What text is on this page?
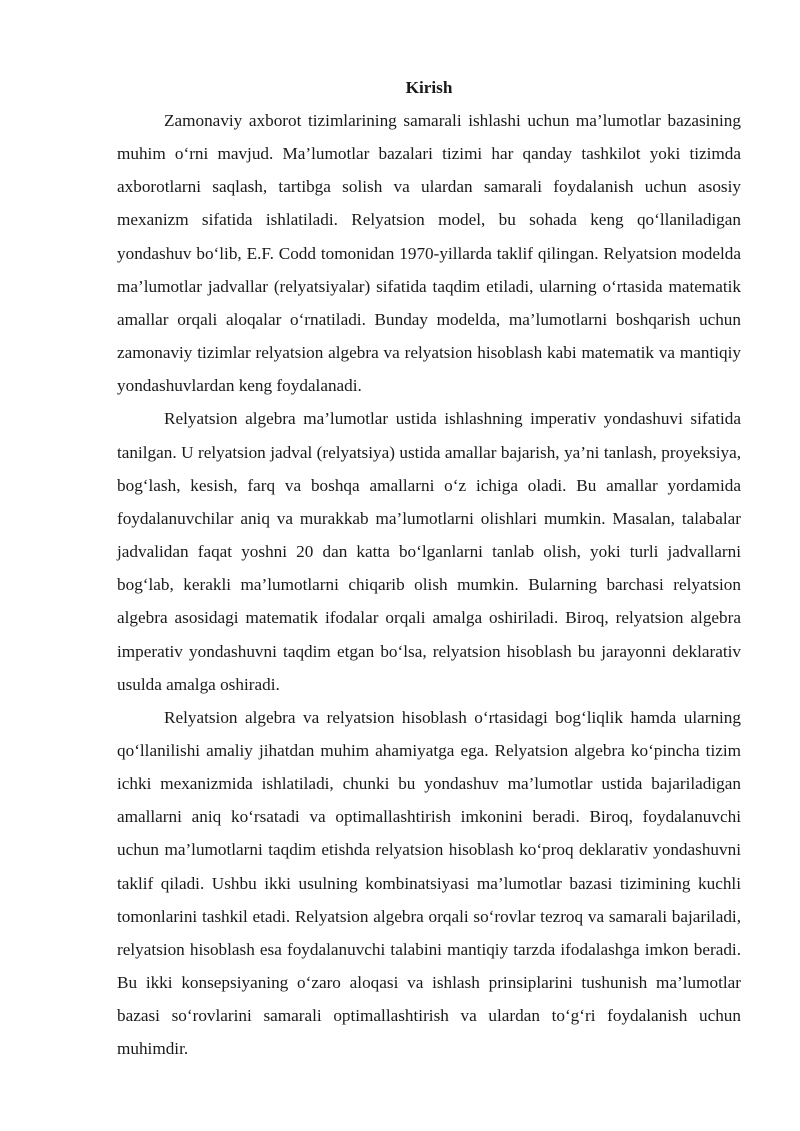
Kirish

Zamonaviy axborot tizimlarining samarali ishlashi uchun ma’lumotlar bazasining muhim o‘rni mavjud. Ma’lumotlar bazalari tizimi har qanday tashkilot yoki tizimda axborotlarni saqlash, tartibga solish va ulardan samarali foydalanish uchun asosiy mexanizm sifatida ishlatiladi. Relyatsion model, bu sohada keng qo‘llaniladigan yondashuv bo‘lib, E.F. Codd tomonidan 1970-yillarda taklif qilingan. Relyatsion modelda ma’lumotlar jadvallar (relyatsiyalar) sifatida taqdim etiladi, ularning o‘rtasida matematik amallar orqali aloqalar o‘rnatiladi. Bunday modelda, ma’lumotlarni boshqarish uchun zamonaviy tizimlar relyatsion algebra va relyatsion hisoblash kabi matematik va mantiqiy yondashuvlardan keng foydalanadi.

Relyatsion algebra ma’lumotlar ustida ishlashning imperativ yondashuvi sifatida tanilgan. U relyatsion jadval (relyatsiya) ustida amallar bajarish, ya’ni tanlash, proyeksiya, bog‘lash, kesish, farq va boshqa amallarni o‘z ichiga oladi. Bu amallar yordamida foydalanuvchilar aniq va murakkab ma’lumotlarni olishlari mumkin. Masalan, talabalar jadvalidan faqat yoshni 20 dan katta bo‘lganlarni tanlab olish, yoki turli jadvallarni bog‘lab, kerakli ma’lumotlarni chiqarib olish mumkin. Bularning barchasi relyatsion algebra asosidagi matematik ifodalar orqali amalga oshiriladi. Biroq, relyatsion algebra imperativ yondashuvni taqdim etgan bo‘lsa, relyatsion hisoblash bu jarayonni deklarativ usulda amalga oshiradi.

Relyatsion algebra va relyatsion hisoblash o‘rtasidagi bog‘liqlik hamda ularning qo‘llanilishi amaliy jihatdan muhim ahamiyatga ega. Relyatsion algebra ko‘pincha tizim ichki mexanizmida ishlatiladi, chunki bu yondashuv ma’lumotlar ustida bajariladigan amallarni aniq ko‘rsatadi va optimallashtirish imkonini beradi. Biroq, foydalanuvchi uchun ma’lumotlarni taqdim etishda relyatsion hisoblash ko‘proq deklarativ yondashuvni taklif qiladi. Ushbu ikki usulning kombinatsiyasi ma’lumotlar bazasi tizimining kuchli tomonlarini tashkil etadi. Relyatsion algebra orqali so‘rovlar tezroq va samarali bajariladi, relyatsion hisoblash esa foydalanuvchi talabini mantiqiy tarzda ifodalashga imkon beradi. Bu ikki konsepsiyaning o‘zaro aloqasi va ishlash prinsiplarini tushunish ma’lumotlar bazasi so‘rovlarini samarali optimallashtirish va ulardan to‘g‘ri foydalanish uchun muhimdir.
